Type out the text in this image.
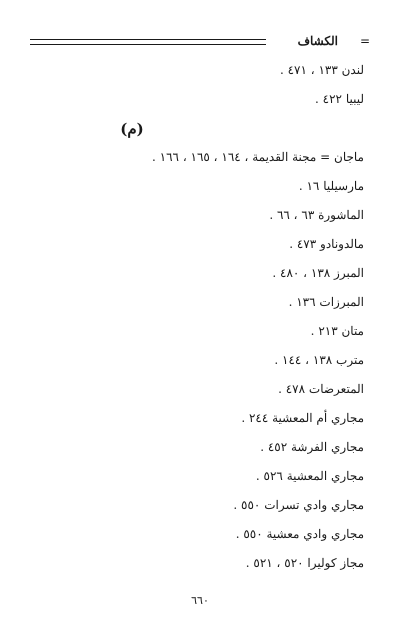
=
الكشاف
لندن ١٣٣ ، ٤٧١ .
ليبيا ٤٢٢ .
(م)
ماجان = مجنة القديمة ، ١٦٤ ، ١٦٥ ، ١٦٦ .
مارسيليا ١٦ .
الماشورة ٦٣ ، ٦٦ .
مالدونادو ٤٧٣ .
المبرز ١٣٨ ، ٤٨٠ .
المبرزات ١٣٦ .
متان ٢١٣ .
مترب ١٣٨ ، ١٤٤ .
المتعرضات ٤٧٨ .
مجاري أم المعشية ٢٤٤ .
مجاري الفرشة ٤٥٢ .
مجاري المعشية ٥٢٦ .
مجاري وادي تسرات ٥٥٠ .
مجاري وادي معشية ٥٥٠ .
مجاز كوليرا ٥٢٠ ، ٥٢١ .
٦٦٠
